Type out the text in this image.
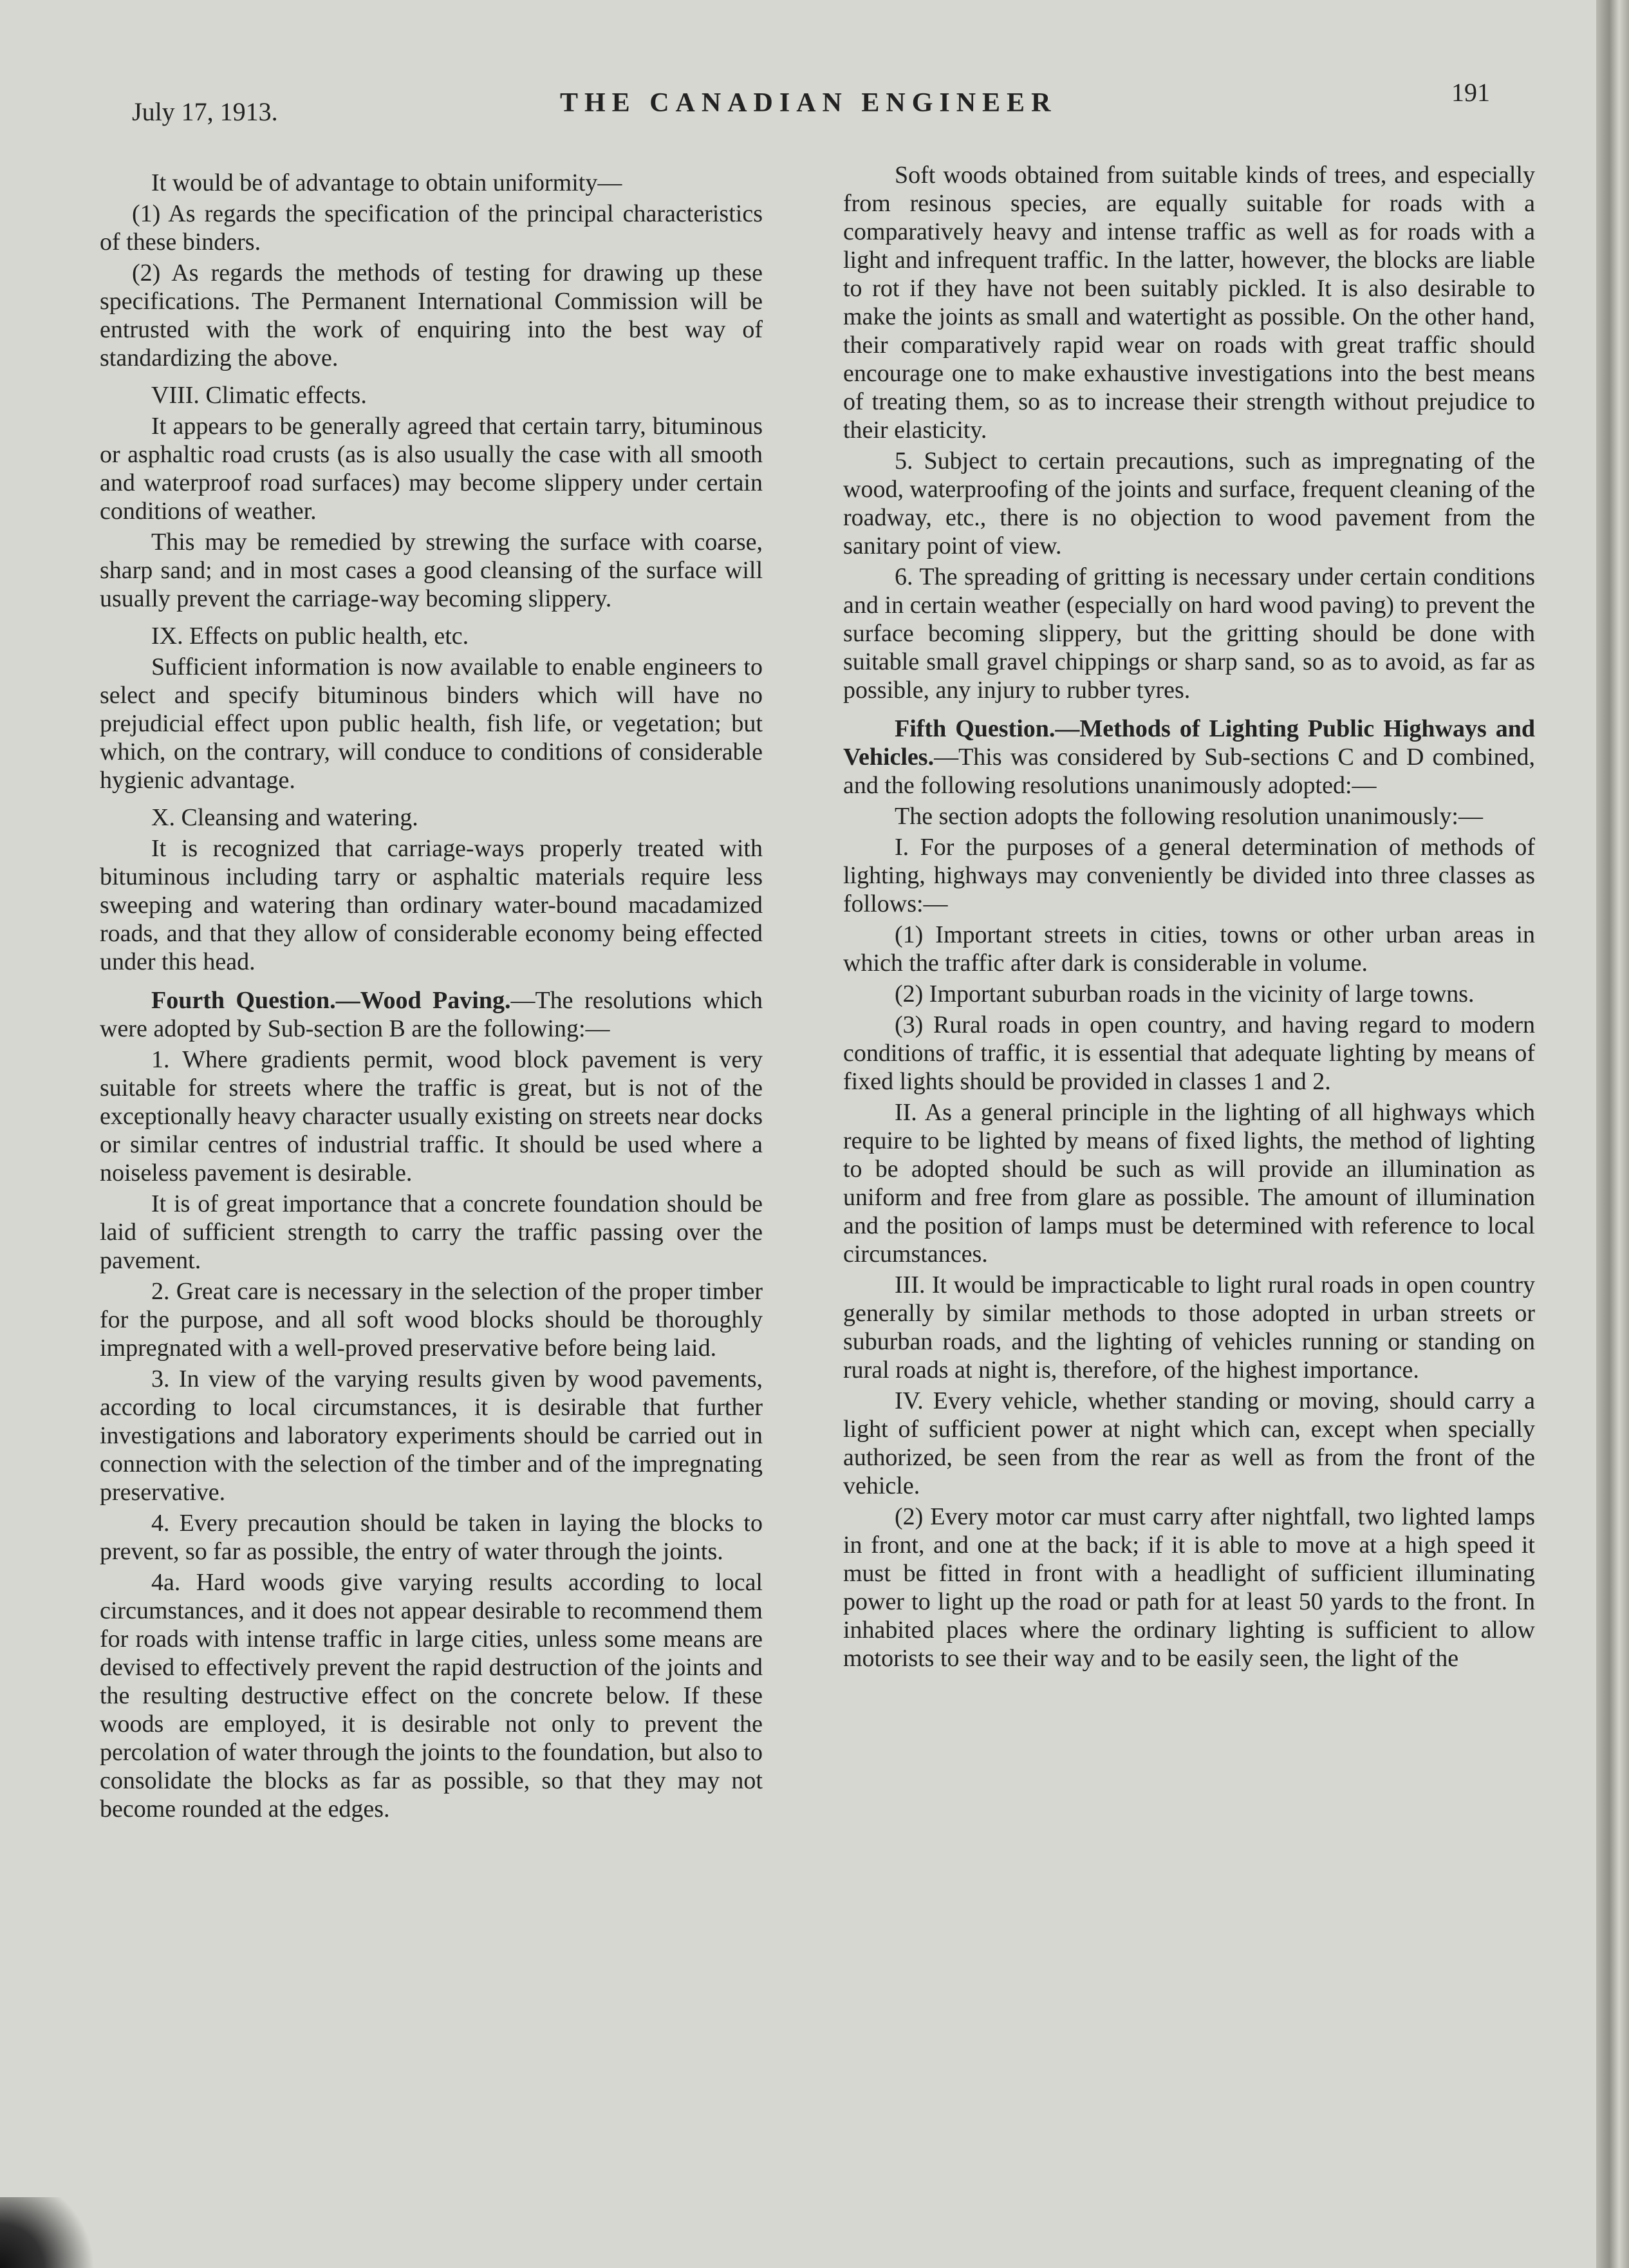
July 17, 1913.	THE CANADIAN ENGINEER	191

It would be of advantage to obtain uniformity—

(1) As regards the specification of the principal characteristics of these binders.

(2) As regards the methods of testing for drawing up these specifications. The Permanent International Commission will be entrusted with the work of enquiring into the best way of standardizing the above.

VIII. Climatic effects.

It appears to be generally agreed that certain tarry, bituminous or asphaltic road crusts (as is also usually the case with all smooth and waterproof road surfaces) may become slippery under certain conditions of weather.

This may be remedied by strewing the surface with coarse, sharp sand; and in most cases a good cleansing of the surface will usually prevent the carriage-way becoming slippery.

IX. Effects on public health, etc.

Sufficient information is now available to enable engineers to select and specify bituminous binders which will have no prejudicial effect upon public health, fish life, or vegetation; but which, on the contrary, will conduce to conditions of considerable hygienic advantage.

X. Cleansing and watering.

It is recognized that carriage-ways properly treated with bituminous including tarry or asphaltic materials require less sweeping and watering than ordinary water-bound macadamized roads, and that they allow of considerable economy being effected under this head.

Fourth Question.—Wood Paving.—The resolutions which were adopted by Sub-section B are the following:—

1. Where gradients permit, wood block pavement is very suitable for streets where the traffic is great, but is not of the exceptionally heavy character usually existing on streets near docks or similar centres of industrial traffic. It should be used where a noiseless pavement is desirable.

It is of great importance that a concrete foundation should be laid of sufficient strength to carry the traffic passing over the pavement.

2. Great care is necessary in the selection of the proper timber for the purpose, and all soft wood blocks should be thoroughly impregnated with a well-proved preservative before being laid.

3. In view of the varying results given by wood pavements, according to local circumstances, it is desirable that further investigations and laboratory experiments should be carried out in connection with the selection of the timber and of the impregnating preservative.

4. Every precaution should be taken in laying the blocks to prevent, so far as possible, the entry of water through the joints.

4a. Hard woods give varying results according to local circumstances, and it does not appear desirable to recommend them for roads with intense traffic in large cities, unless some means are devised to effectively prevent the rapid destruction of the joints and the resulting destructive effect on the concrete below. If these woods are employed, it is desirable not only to prevent the percolation of water through the joints to the foundation, but also to consolidate the blocks as far as possible, so that they may not become rounded at the edges.

Soft woods obtained from suitable kinds of trees, and especially from resinous species, are equally suitable for roads with a comparatively heavy and intense traffic as well as for roads with a light and infrequent traffic. In the latter, however, the blocks are liable to rot if they have not been suitably pickled. It is also desirable to make the joints as small and watertight as possible. On the other hand, their comparatively rapid wear on roads with great traffic should encourage one to make exhaustive investigations into the best means of treating them, so as to increase their strength without prejudice to their elasticity.

5. Subject to certain precautions, such as impregnating of the wood, waterproofing of the joints and surface, frequent cleaning of the roadway, etc., there is no objection to wood pavement from the sanitary point of view.

6. The spreading of gritting is necessary under certain conditions and in certain weather (especially on hard wood paving) to prevent the surface becoming slippery, but the gritting should be done with suitable small gravel chippings or sharp sand, so as to avoid, as far as possible, any injury to rubber tyres.

Fifth Question.—Methods of Lighting Public Highways and Vehicles.—This was considered by Sub-sections C and D combined, and the following resolutions unanimously adopted:—

The section adopts the following resolution unanimously:—

I. For the purposes of a general determination of methods of lighting, highways may conveniently be divided into three classes as follows:—

(1) Important streets in cities, towns or other urban areas in which the traffic after dark is considerable in volume.

(2) Important suburban roads in the vicinity of large towns.

(3) Rural roads in open country, and having regard to modern conditions of traffic, it is essential that adequate lighting by means of fixed lights should be provided in classes 1 and 2.

II. As a general principle in the lighting of all highways which require to be lighted by means of fixed lights, the method of lighting to be adopted should be such as will provide an illumination as uniform and free from glare as possible. The amount of illumination and the position of lamps must be determined with reference to local circumstances.

III. It would be impracticable to light rural roads in open country generally by similar methods to those adopted in urban streets or suburban roads, and the lighting of vehicles running or standing on rural roads at night is, therefore, of the highest importance.

IV. Every vehicle, whether standing or moving, should carry a light of sufficient power at night which can, except when specially authorized, be seen from the rear as well as from the front of the vehicle.

(2) Every motor car must carry after nightfall, two lighted lamps in front, and one at the back; if it is able to move at a high speed it must be fitted in front with a headlight of sufficient illuminating power to light up the road or path for at least 50 yards to the front. In inhabited places where the ordinary lighting is sufficient to allow motorists to see their way and to be easily seen, the light of the
